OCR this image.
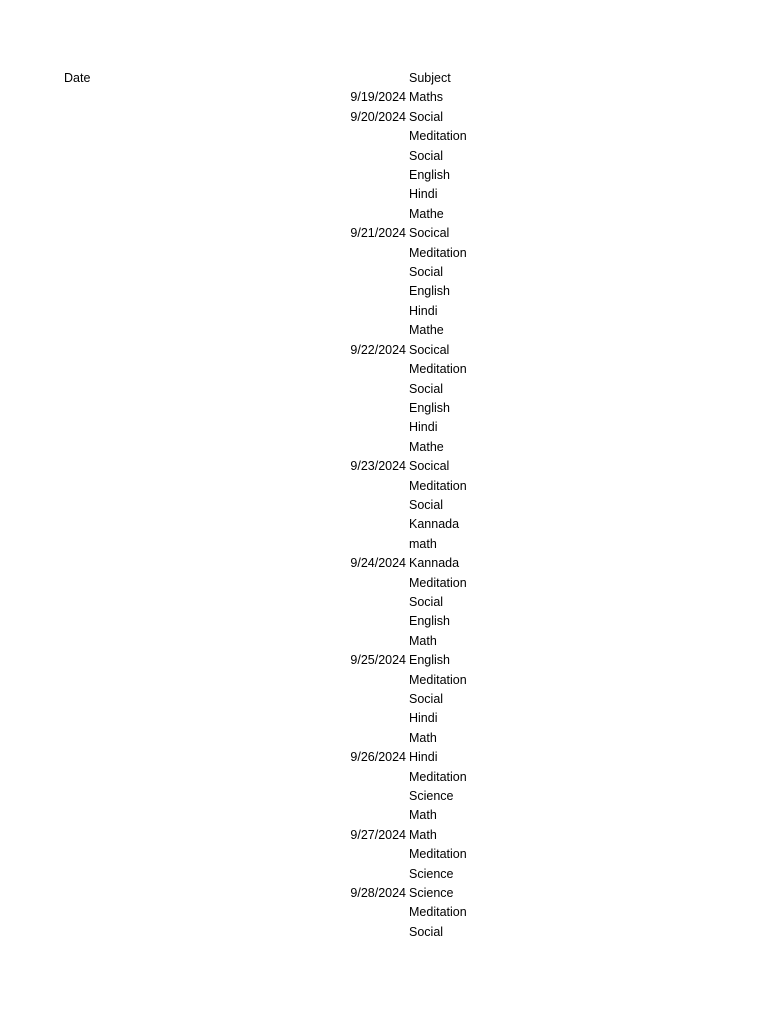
Date	Subject
9/19/2024 Maths
9/20/2024 Social
Meditation
Social
English
Hindi
Mathe
9/21/2024 Socical
Meditation
Social
English
Hindi
Mathe
9/22/2024 Socical
Meditation
Social
English
Hindi
Mathe
9/23/2024 Socical
Meditation
Social
Kannada
math
9/24/2024 Kannada
Meditation
Social
English
Math
9/25/2024 English
Meditation
Social
Hindi
Math
9/26/2024 Hindi
Meditation
Science
Math
9/27/2024 Math
Meditation
Science
9/28/2024 Science
Meditation
Social
